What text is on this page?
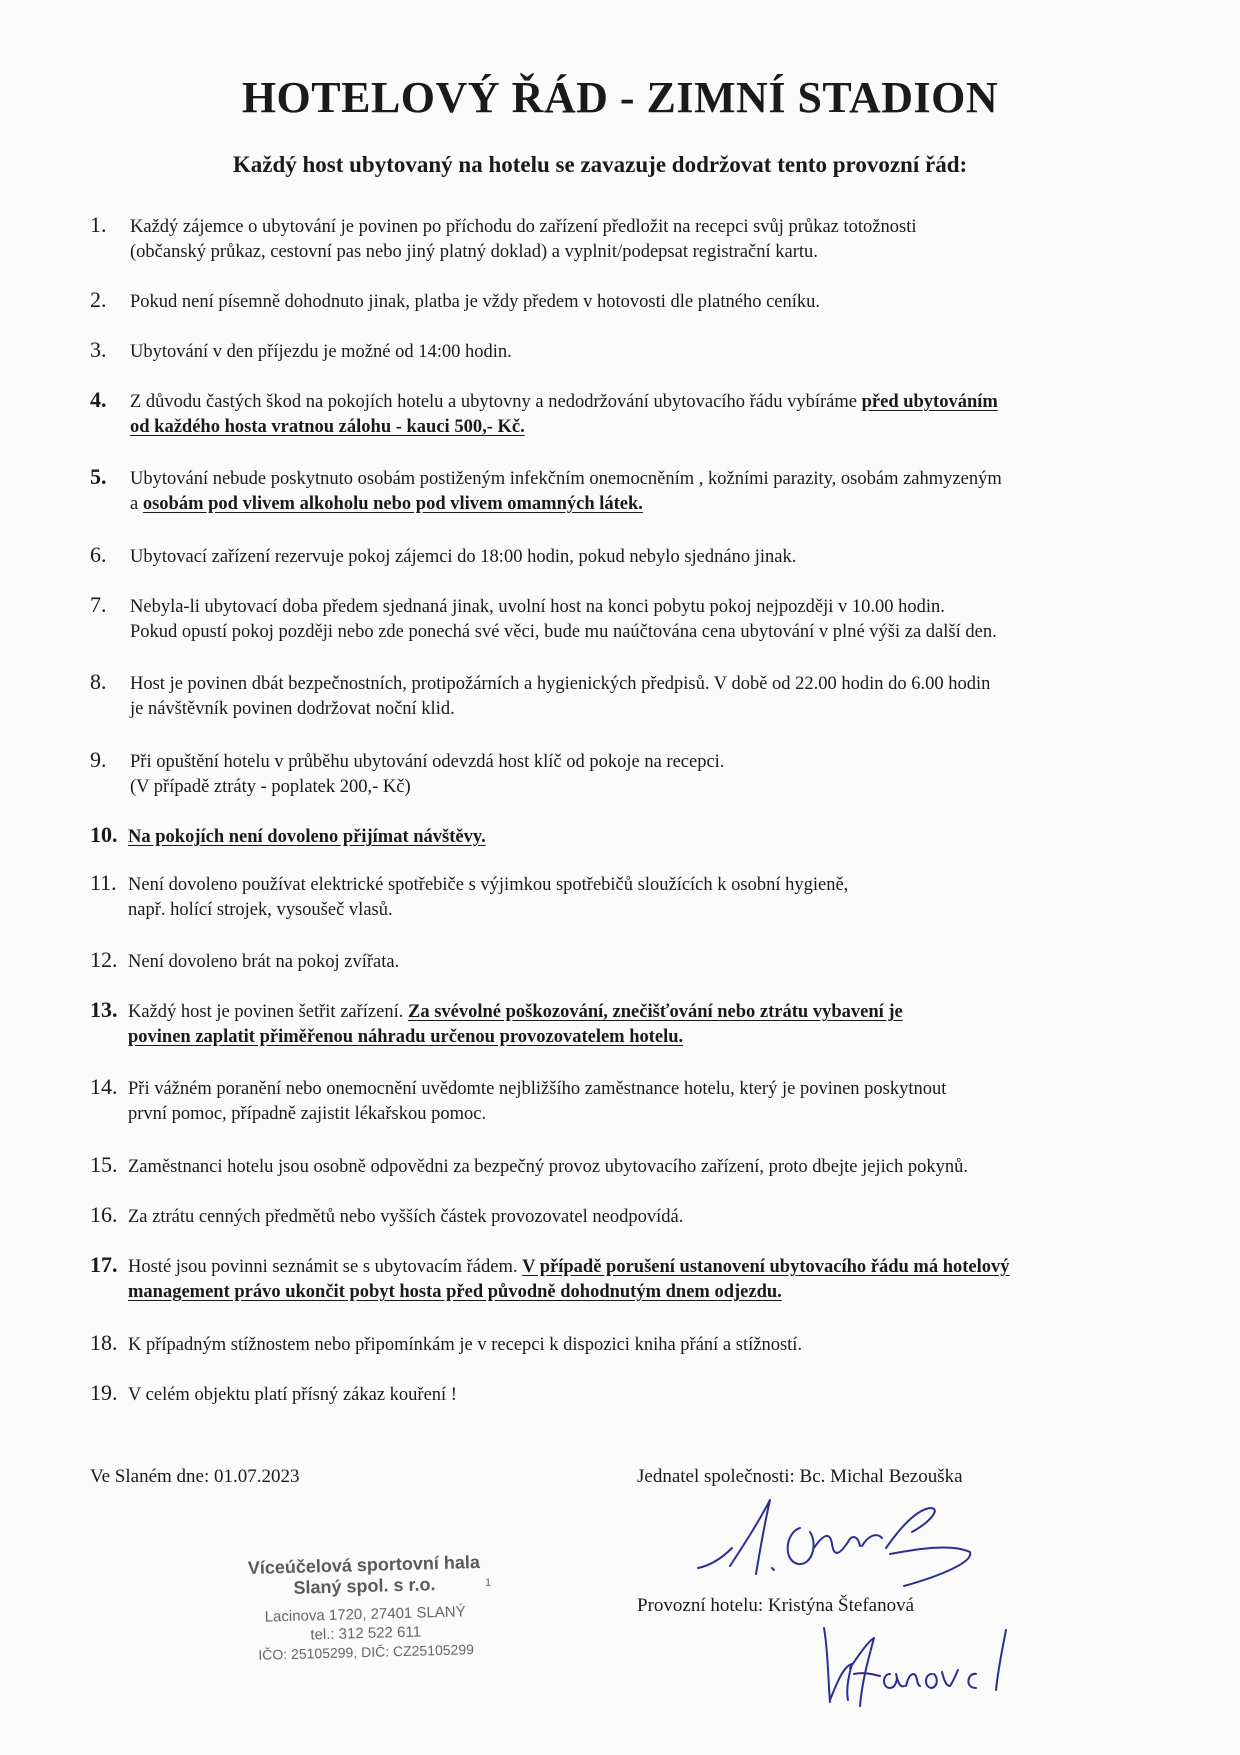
HOTELOVÝ ŘÁD - ZIMNÍ STADION
Každý host ubytovaný na hotelu se zavazuje dodržovat tento provozní řád:
1. Každý zájemce o ubytování je povinen po příchodu do zařízení předložit na recepci svůj průkaz totožnosti
(občanský průkaz, cestovní pas nebo jiný platný doklad) a vyplnit/podepsat registrační kartu.
2. Pokud není písemně dohodnuto jinak, platba je vždy předem v hotovosti dle platného ceníku.
3. Ubytování v den příjezdu je možné od 14:00 hodin.
4. Z důvodu častých škod na pokojích hotelu a ubytovny a nedodržování ubytovacího řádu vybíráme před ubytováním
od každého hosta vratnou zálohu - kauci 500,- Kč.
5. Ubytování nebude poskytnuto osobám postiženým infekčním onemocněním , kožními parazity, osobám zahmyzeným
a osobám pod vlivem alkoholu nebo pod vlivem omamných látek.
6. Ubytovací zařízení rezervuje pokoj zájemci do 18:00 hodin, pokud nebylo sjednáno jinak.
7. Nebyla-li ubytovací doba předem sjednaná jinak, uvolní host na konci pobytu pokoj nejpozději v 10.00 hodin.
Pokud opustí pokoj později nebo zde ponechá své věci, bude mu naúčtována cena ubytování v plné výši za další den.
8. Host je povinen dbát bezpečnostních, protipožárních a hygienických předpisů. V době od 22.00 hodin do 6.00 hodin
je návštěvník povinen dodržovat noční klid.
9. Při opuštění hotelu v průběhu ubytování odevzdá host klíč od pokoje na recepci.
(V případě ztráty - poplatek 200,- Kč)
10. Na pokojích není dovoleno přijímat návštěvy.
11. Není dovoleno používat elektrické spotřebiče s výjimkou spotřebičů sloužících k osobní hygieně,
např. holící strojek, vysoušeč vlasů.
12. Není dovoleno brát na pokoj zvířata.
13. Každý host je povinen šetřit zařízení. Za svévolné poškozování, znečišťování nebo ztrátu vybavení je
povinen zaplatit přiměřenou náhradu určenou provozovatelem hotelu.
14. Při vážném poranění nebo onemocnění uvědomte nejbližšího zaměstnance hotelu, který je povinen poskytnout
první pomoc, případně zajistit lékařskou pomoc.
15. Zaměstnanci hotelu jsou osobně odpovědni za bezpečný provoz ubytovacího zařízení, proto dbejte jejich pokynů.
16. Za ztrátu cenných předmětů nebo vyšších částek provozovatel neodpovídá.
17. Hosté jsou povinni seznámit se s ubytovacím řádem. V případě porušení ustanovení ubytovacího řádu má hotelový
management právo ukončit pobyt hosta před původně dohodnutým dnem odjezdu.
18. K případným stížnostem nebo připomínkám je v recepci k dispozici kniha přání a stížností.
19. V celém objektu platí přísný zákaz kouření !
Ve Slaném dne: 01.07.2023	Jednatel společnosti: Bc. Michal Bezouška
Provozní hotelu: Kristýna Štefanová
Víceúčelová sportovní hala
Slaný spol. s r.o.
Lacinova 1720, 27401 SLANÝ
tel.: 312 522 611
IČO: 25105299, DIČ: CZ25105299
1
